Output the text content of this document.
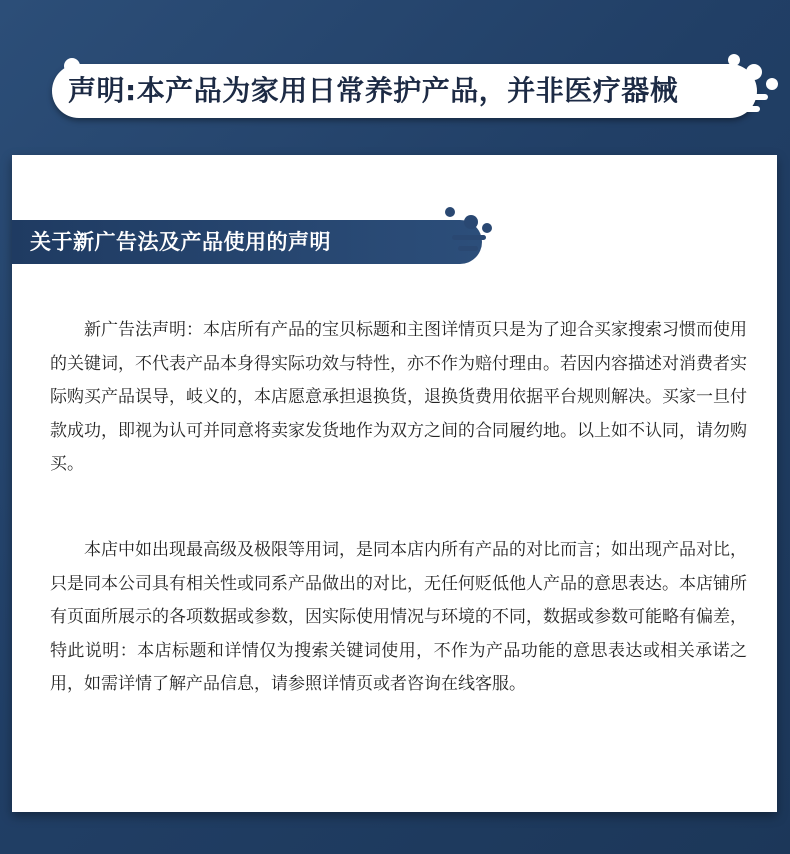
声明:本产品为家用日常养护产品，并非医疗器械
关于新广告法及产品使用的声明

新广告法声明：本店所有产品的宝贝标题和主图详情页只是为了迎合买家搜索习惯而使用的关键词，不代表产品本身得实际功效与特性，亦不作为赔付理由。若因内容描述对消费者实际购买产品误导，岐义的，本店愿意承担退换货，退换货费用依据平台规则解决。买家一旦付款成功，即视为认可并同意将卖家发货地作为双方之间的合同履约地。以上如不认同，请勿购买。

本店中如出现最高级及极限等用词，是同本店内所有产品的对比而言；如出现产品对比，只是同本公司具有相关性或同系产品做出的对比，无任何贬低他人产品的意思表达。本店铺所有页面所展示的各项数据或参数，因实际使用情况与环境的不同，数据或参数可能略有偏差，特此说明：本店标题和详情仅为搜索关键词使用，不作为产品功能的意思表达或相关承诺之用，如需详情了解产品信息，请参照详情页或者咨询在线客服。
